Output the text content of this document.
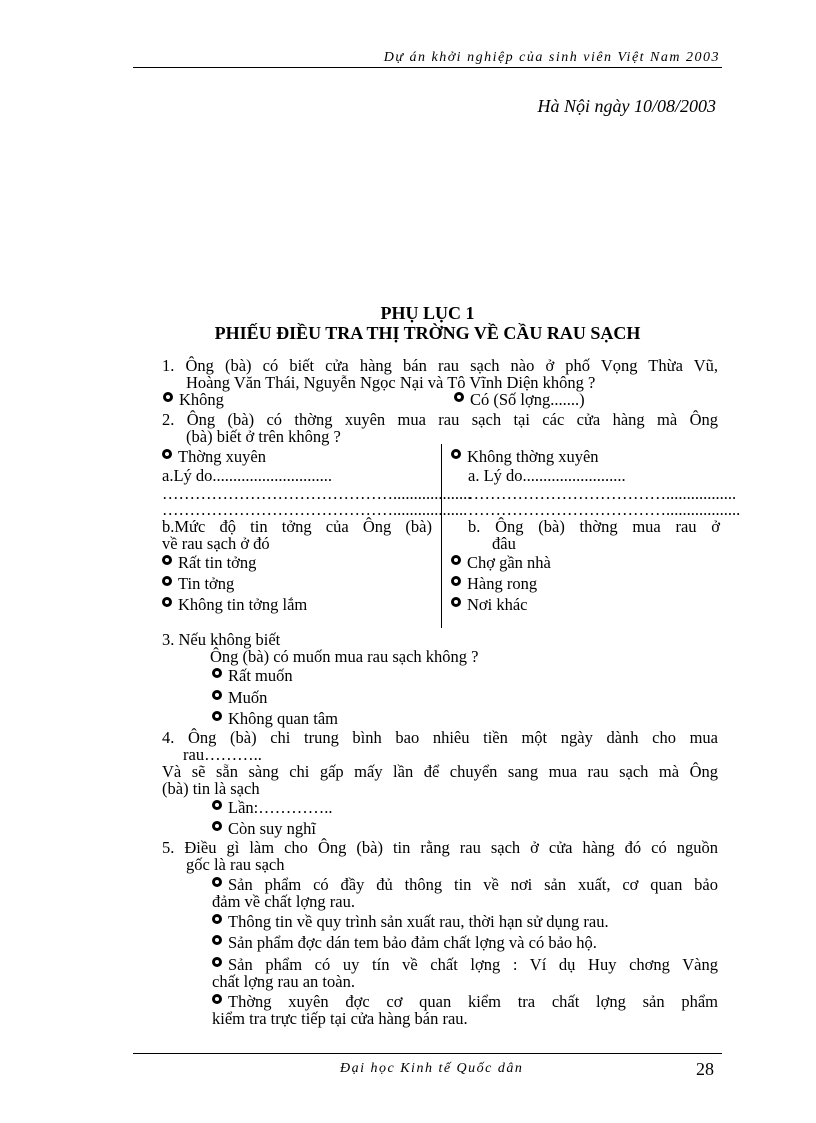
Dự án khởi nghiệp của sinh viên Việt Nam 2003
Hà Nội ngày 10/08/2003
PHỤ LỤC 1
PHIẾU ĐIỀU TRA THỊ TRỜNG VỀ CẦU RAU SẠCH
1. Ông (bà) có biết cửa hàng bán rau sạch nào ở phố Vọng Thừa Vũ,
Hoàng Văn Thái, Nguyễn Ngọc Nại và Tô Vĩnh Diện không ?
Không	Có (Số lợng.......)
2. Ông (bà) có thờng xuyên mua rau sạch tại các cửa hàng mà Ông
(bà) biết ở trên không ?
Thờng xuyên
a.Lý do.............................
……………………………………...................
……………………………………..................
b.Mức độ tin tởng của Ông (bà)
về rau sạch ở đó
Rất tin tởng
Tin tởng
Không tin tởng lắm
Không thờng xuyên
a. Lý do.........................
……………………………….................
………………………………..................
b. Ông (bà) thờng mua rau ở
đâu
Chợ gần nhà
Hàng rong
Nơi khác
3. Nếu không biết
Ông (bà) có muốn mua rau sạch không ?
Rất muốn
Muốn
Không quan tâm
4. Ông (bà) chi trung bình bao nhiêu tiền một ngày dành cho mua
rau………..
Và sẽ sẵn sàng chi gấp mấy lần để chuyển sang mua rau sạch mà Ông
(bà) tin là sạch
Lần:…………..
Còn suy nghĩ
5. Điều gì làm cho Ông (bà) tin rằng rau sạch ở cửa hàng đó có nguồn
gốc là rau sạch
Sản phẩm có đầy đủ thông tin về nơi sản xuất, cơ quan bảo
đảm về chất lợng rau.
Thông tin về quy trình sản xuất rau, thời hạn sử dụng rau.
Sản phẩm đợc dán tem bảo đảm chất lợng và có bảo hộ.
Sản phẩm có uy tín về chất lợng : Ví dụ Huy chơng Vàng
chất lợng rau an toàn.
Thờng xuyên đợc cơ quan kiểm tra chất lợng sản phẩm
kiểm tra trực tiếp tại cửa hàng bán rau.
Đại học Kinh tế Quốc dân	28
